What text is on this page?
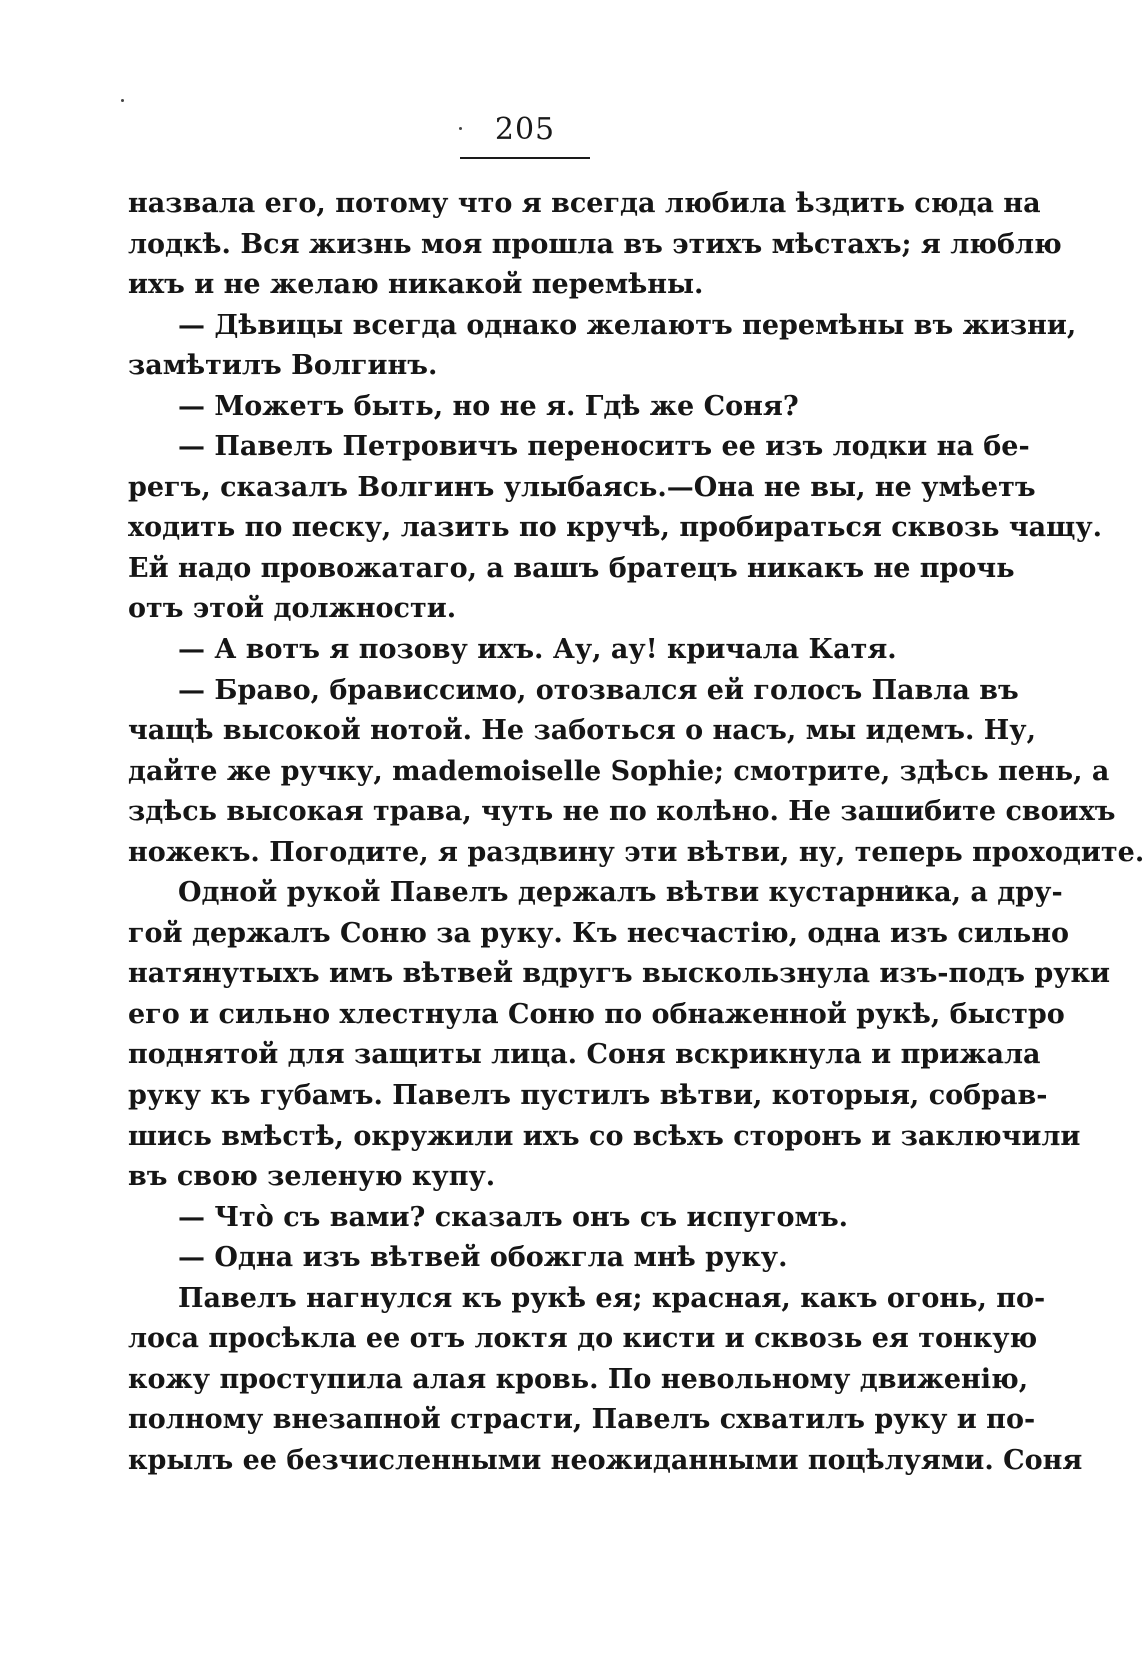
205
назвала его, потому что я всегда любила ѣздить сюда на
лодкѣ. Вся жизнь моя прошла въ этихъ мѣстахъ; я люблю
ихъ и не желаю никакой перемѣны.
— Дѣвицы всегда однако желаютъ перемѣны въ жизни,
замѣтилъ Волгинъ.
— Можетъ быть, но не я. Гдѣ же Соня?
— Павелъ Петровичъ переноситъ ее изъ лодки на бе-
регъ, сказалъ Волгинъ улыбаясь.—Она не вы, не умѣетъ
ходить по песку, лазить по кручѣ, пробираться сквозь чащу.
Ей надо провожатаго, а вашъ братецъ никакъ не прочь
отъ этой должности.
— А вотъ я позову ихъ. Ау, ау! кричала Катя.
— Браво, брависсимо, отозвался ей голосъ Павла въ
чащѣ высокой нотой. Не заботься о насъ, мы идемъ. Ну,
дайте же ручку, mademoiselle Sophie; смотрите, здѣсь пень, а
здѣсь высокая трава, чуть не по колѣно. Не зашибите своихъ
ножекъ. Погодите, я раздвину эти вѣтви, ну, теперь проходите.
Одной рукой Павелъ держалъ вѣтви кустарника, а дру-
гой держалъ Соню за руку. Къ несчастію, одна изъ сильно
натянутыхъ имъ вѣтвей вдругъ выскользнула изъ-подъ руки
его и сильно хлестнула Соню по обнаженной рукѣ, быстро
поднятой для защиты лица. Соня вскрикнула и прижала
руку къ губамъ. Павелъ пустилъ вѣтви, которыя, собрав-
шись вмѣстѣ, окружили ихъ со всѣхъ сторонъ и заключили
въ свою зеленую купу.
— Что̀ съ вами? сказалъ онъ съ испугомъ.
— Одна изъ вѣтвей обожгла мнѣ руку.
Павелъ нагнулся къ рукѣ ея; красная, какъ огонь, по-
лоса просѣкла ее отъ локтя до кисти и сквозь ея тонкую
кожу проступила алая кровь. По невольному движенію,
полному внезапной страсти, Павелъ схватилъ руку и по-
крылъ ее безчисленными неожиданными поцѣлуями. Соня
